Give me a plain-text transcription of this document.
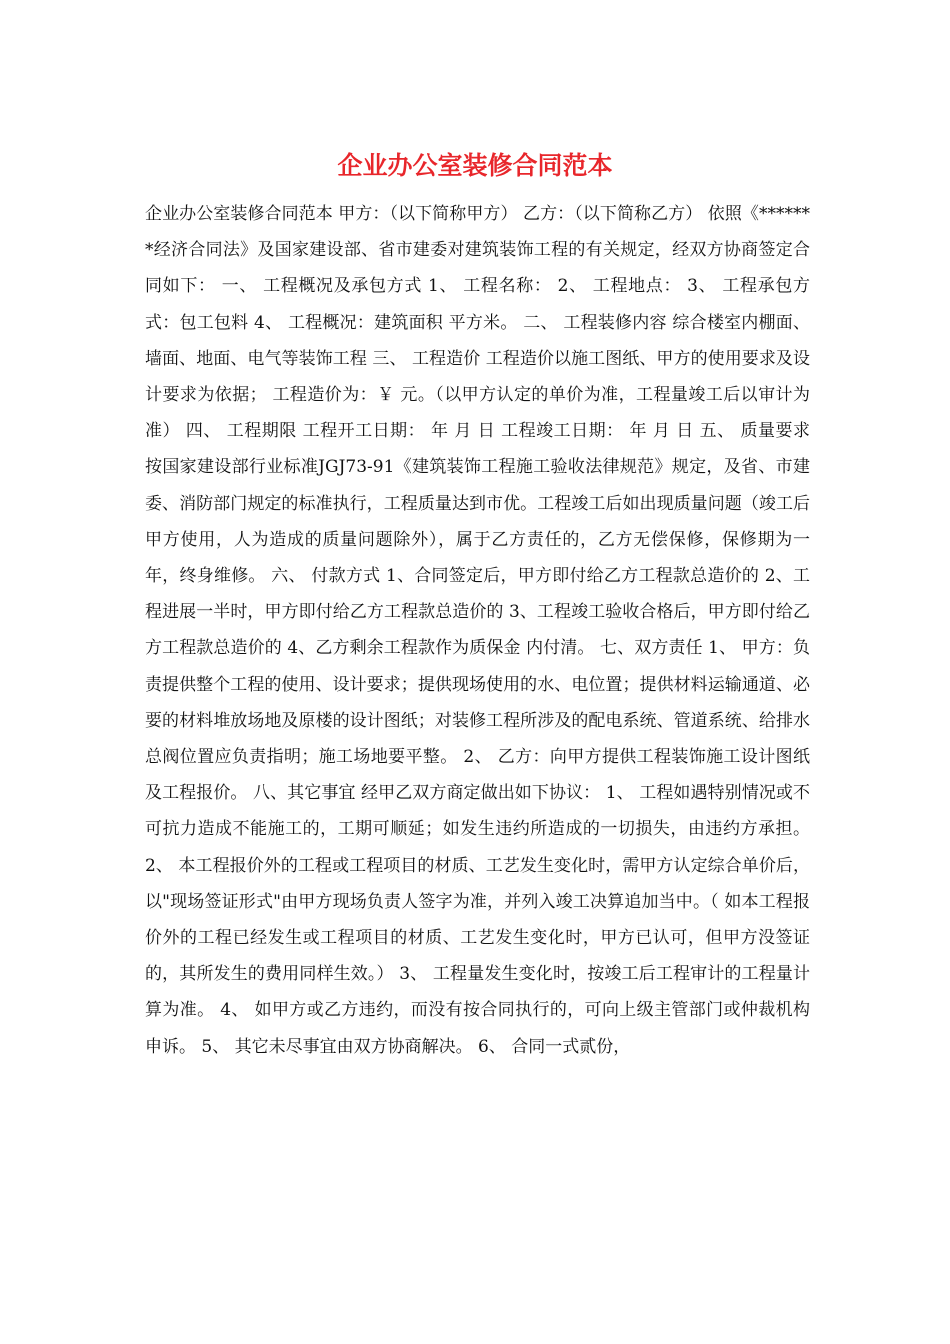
企业办公室装修合同范本

企业办公室装修合同范本 甲方：（以下简称甲方） 乙方：（以下简称乙方） 依照《*******经济合同法》及国家建设部、省市建委对建筑装饰工程的有关规定，经双方协商签定合同如下： 一、 工程概况及承包方式 1、 工程名称： 2、 工程地点： 3、 工程承包方式：包工包料 4、 工程概况：建筑面积 平方米。 二、 工程装修内容 综合楼室内棚面、墙面、地面、电气等装饰工程 三、 工程造价 工程造价以施工图纸、甲方的使用要求及设计要求为依据； 工程造价为：￥ 元。（以甲方认定的单价为准，工程量竣工后以审计为准） 四、 工程期限 工程开工日期： 年 月 日 工程竣工日期： 年 月 日 五、 质量要求 按国家建设部行业标准JGJ73-91《建筑装饰工程施工验收法律规范》规定，及省、市建委、消防部门规定的标准执行，工程质量达到市优。工程竣工后如出现质量问题（竣工后甲方使用，人为造成的质量问题除外），属于乙方责任的，乙方无偿保修，保修期为一年，终身维修。 六、 付款方式 1、合同签定后，甲方即付给乙方工程款总造价的 2、工程进展一半时，甲方即付给乙方工程款总造价的 3、工程竣工验收合格后，甲方即付给乙方工程款总造价的 4、乙方剩余工程款作为质保金 内付清。 七、双方责任 1、 甲方：负责提供整个工程的使用、设计要求；提供现场使用的水、电位置；提供材料运输通道、必要的材料堆放场地及原楼的设计图纸；对装修工程所涉及的配电系统、管道系统、给排水总阀位置应负责指明；施工场地要平整。 2、 乙方：向甲方提供工程装饰施工设计图纸及工程报价。 八、其它事宜 经甲乙双方商定做出如下协议： 1、 工程如遇特别情况或不可抗力造成不能施工的，工期可顺延；如发生违约所造成的一切损失，由违约方承担。 2、 本工程报价外的工程或工程项目的材质、工艺发生变化时，需甲方认定综合单价后，以"现场签证形式"由甲方现场负责人签字为准，并列入竣工决算追加当中。（ 如本工程报价外的工程已经发生或工程项目的材质、工艺发生变化时，甲方已认可，但甲方没签证的，其所发生的费用同样生效。） 3、 工程量发生变化时，按竣工后工程审计的工程量计算为准。 4、 如甲方或乙方违约，而没有按合同执行的，可向上级主管部门或仲裁机构申诉。 5、 其它未尽事宜由双方协商解决。 6、 合同一式贰份，
